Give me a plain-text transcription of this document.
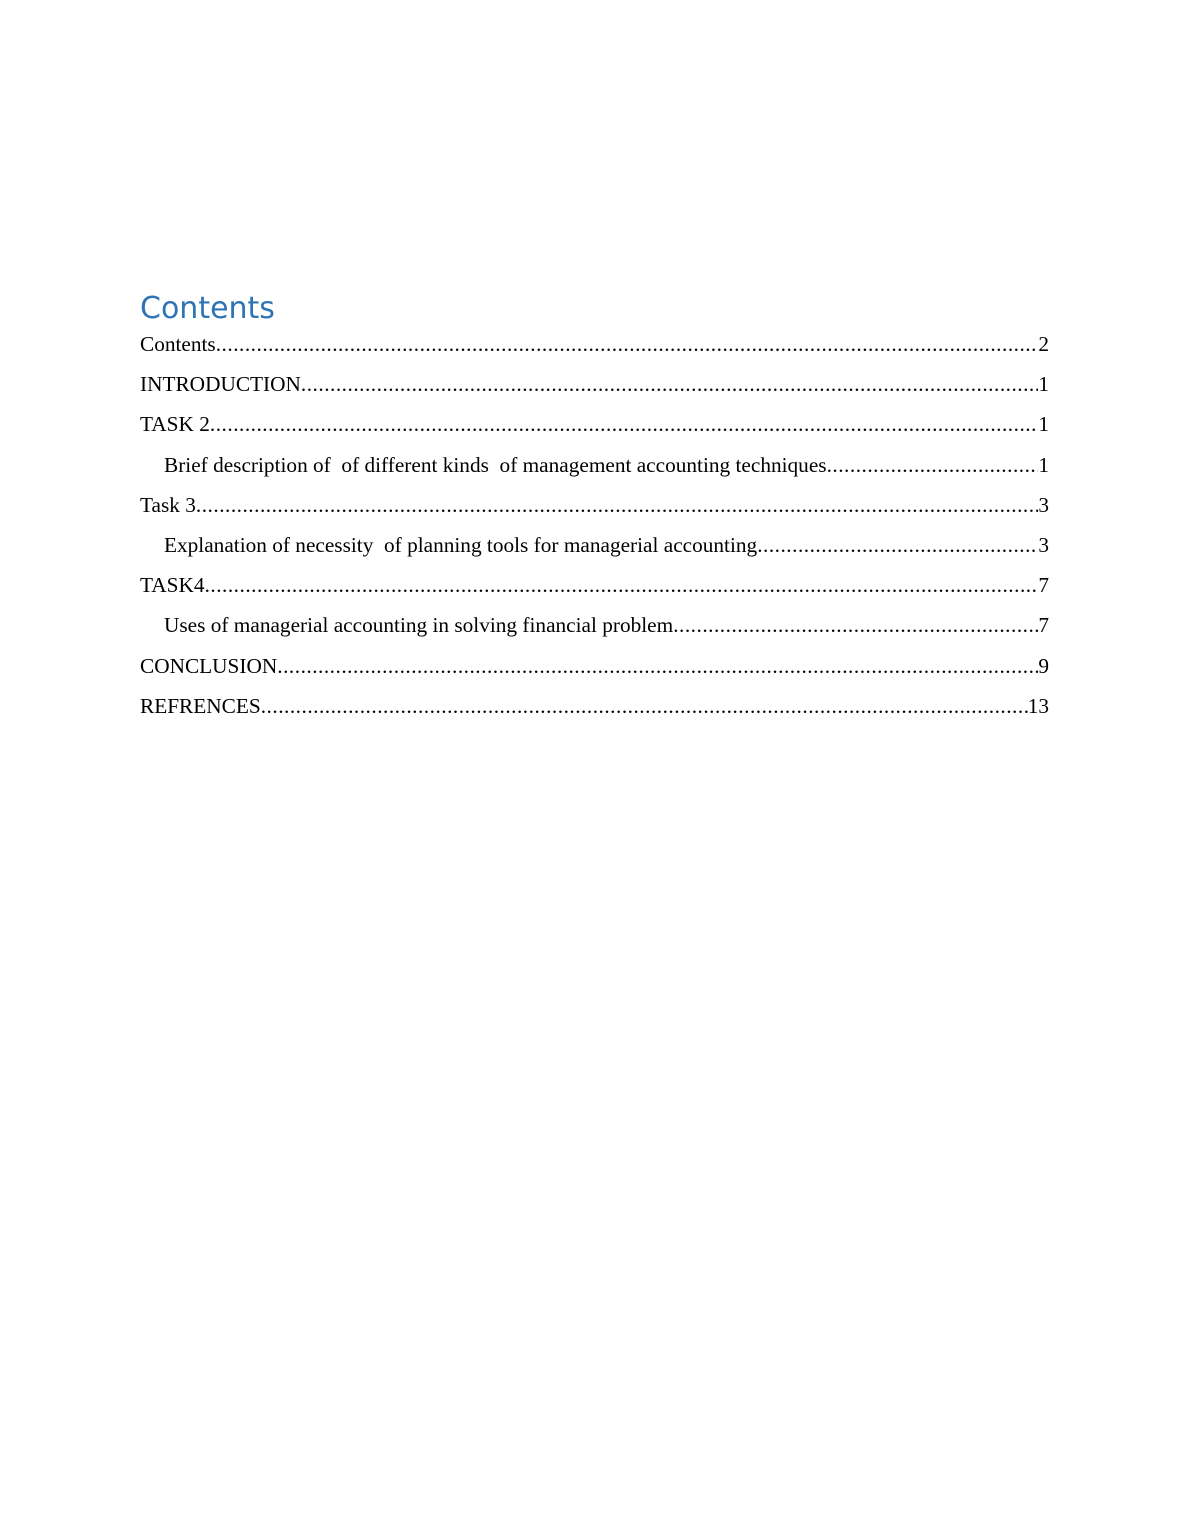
Contents
Contents .....	2
INTRODUCTION .....	1
TASK 2 .....	1
Brief description of  of different kinds  of management accounting techniques .....	1
Task 3 .....	3
Explanation of necessity  of planning tools for managerial accounting .....	3
TASK4 .....	7
Uses of managerial accounting in solving financial problem .....	7
CONCLUSION .....	9
REFRENCES .....	13
